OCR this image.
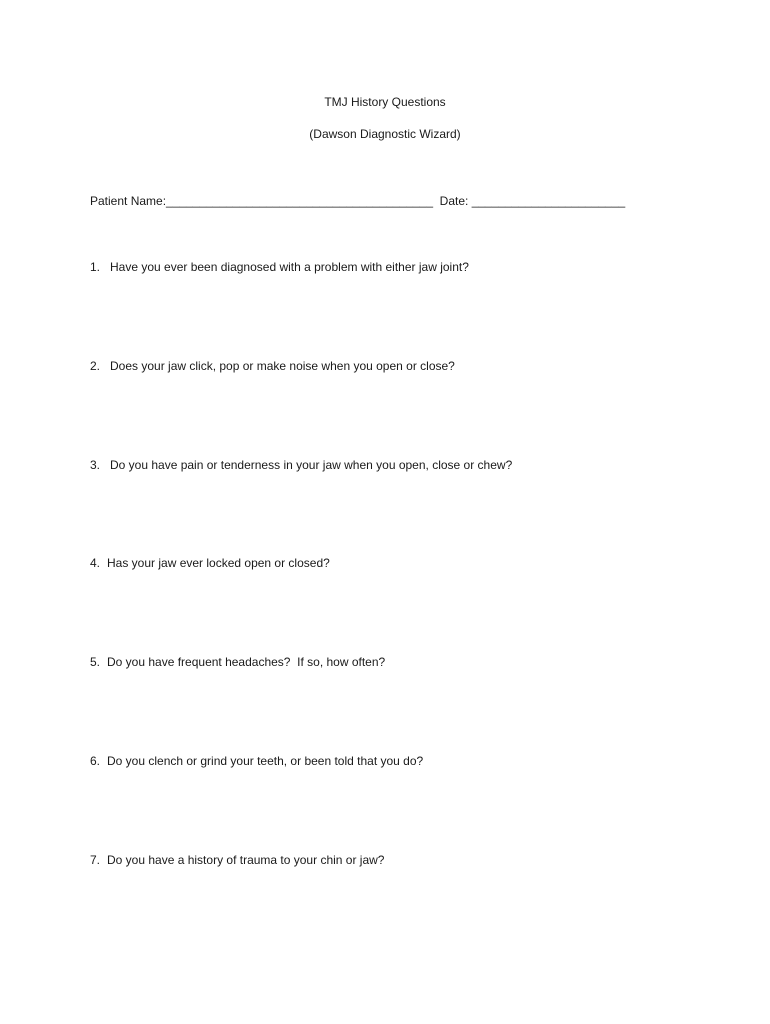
TMJ History Questions
(Dawson Diagnostic Wizard)
Patient Name:________________________________________ Date: _______________________
1. Have you ever been diagnosed with a problem with either jaw joint?
2. Does your jaw click, pop or make noise when you open or close?
3. Do you have pain or tenderness in your jaw when you open, close or chew?
4. Has your jaw ever locked open or closed?
5. Do you have frequent headaches?  If so, how often?
6. Do you clench or grind your teeth, or been told that you do?
7. Do you have a history of trauma to your chin or jaw?
